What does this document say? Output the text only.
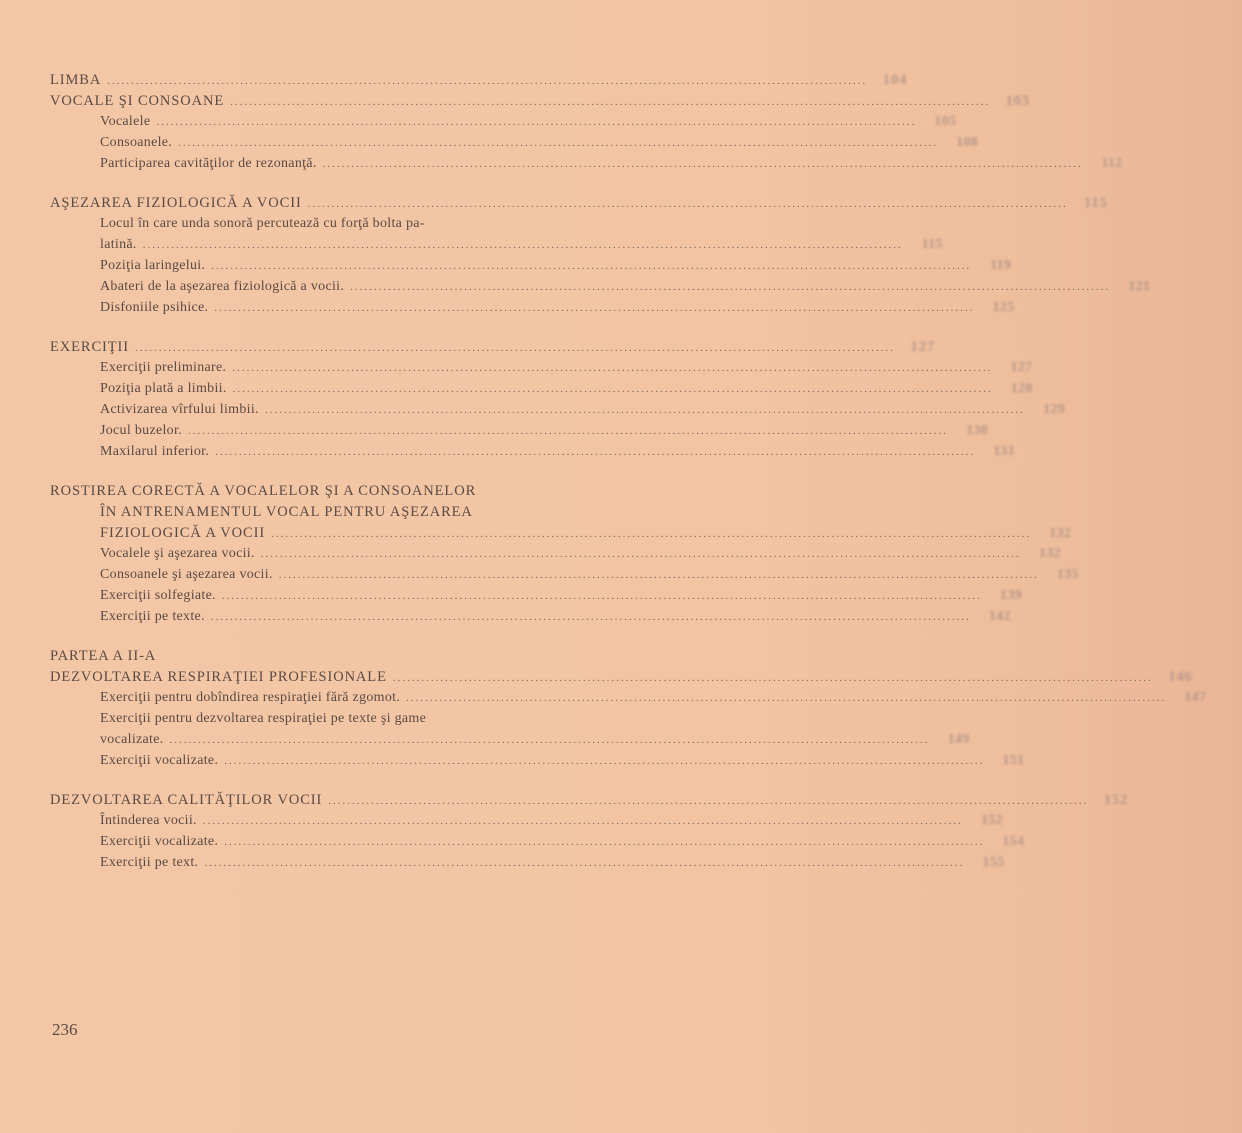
LIMBA .....	104
VOCALE ŞI CONSOANE .....	105
Vocalele .....	105
Consoanele. .....	108
Participarea cavităţilor de rezonanţă. .....	112
AŞEZAREA FIZIOLOGICĂ A VOCII .....	115
Locul în care unda sonoră percutează cu forţă bolta pa-
latină. .....	115
Poziţia laringelui. .....	119
Abateri de la aşezarea fiziologică a vocii. .....	121
Disfoniile psihice. .....	125
EXERCIŢII .....	127
Exerciţii preliminare. .....	127
Poziţia plată a limbii. .....	128
Activizarea vîrfului limbii. .....	129
Jocul buzelor. .....	130
Maxilarul inferior. .....	131
ROSTIREA CORECTĂ A VOCALELOR ŞI A CONSOANELOR
ÎN ANTRENAMENTUL VOCAL PENTRU AŞEZAREA
FIZIOLOGICĂ A VOCII .....	132
Vocalele şi aşezarea vocii. .....	132
Consoanele şi aşezarea vocii. .....	135
Exerciţii solfegiate. .....	139
Exerciţii pe texte. .....	142
PARTEA A II-A
DEZVOLTAREA RESPIRAŢIEI PROFESIONALE .....	146
Exerciţii pentru dobîndirea respiraţiei fără zgomot. .....	147
Exerciţii pentru dezvoltarea respiraţiei pe texte şi game
vocalizate. .....	149
Exerciţii vocalizate. .....	151
DEZVOLTAREA CALITĂŢILOR VOCII .....	152
Întinderea vocii. .....	152
Exerciţii vocalizate. .....	154
Exerciţii pe text. .....	155
236
